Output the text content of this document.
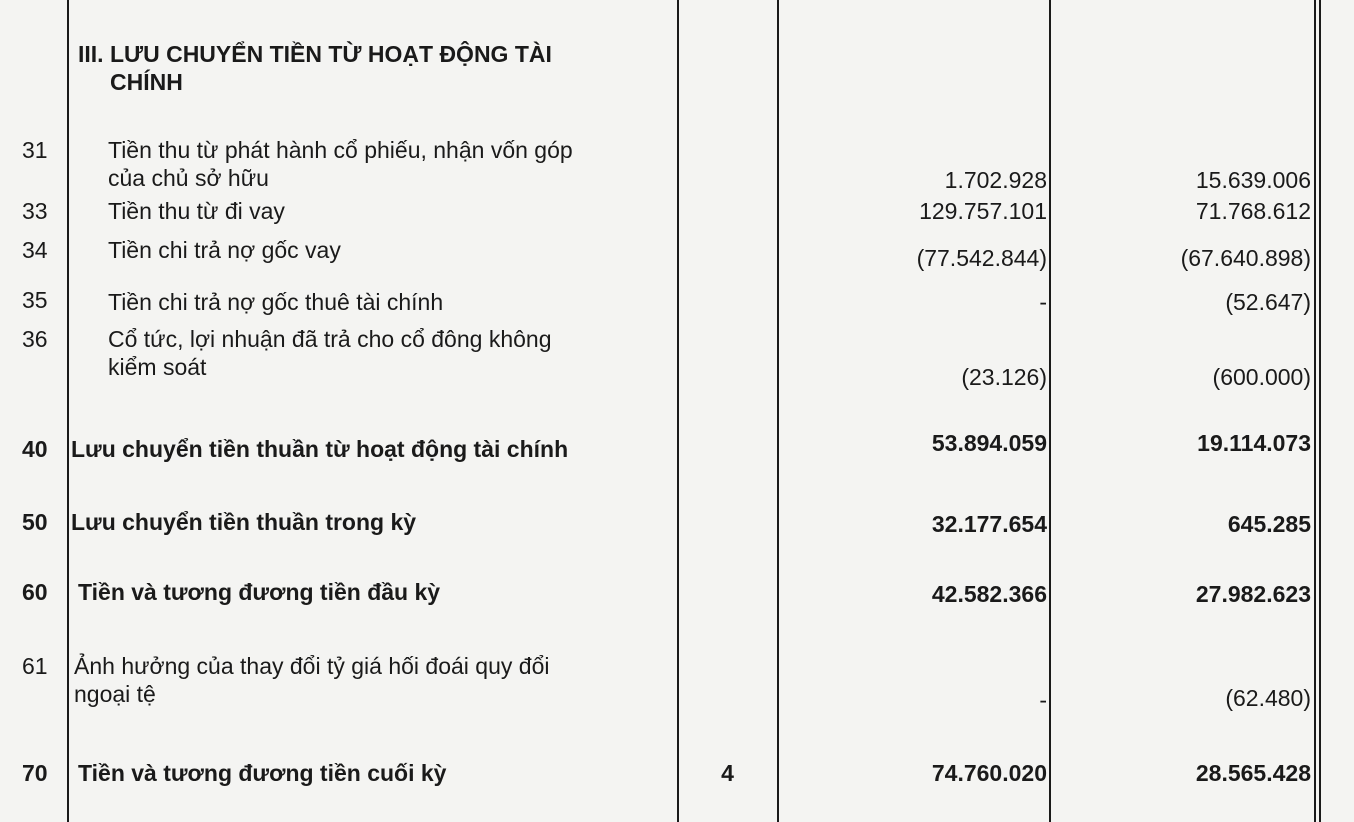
III. LƯU CHUYỂN TIỀN TỪ HOẠT ĐỘNG TÀI
CHÍNH
31	Tiền thu từ phát hành cổ phiếu, nhận vốn góp
của chủ sở hữu	1.702.928	15.639.006
33	Tiền thu từ đi vay	129.757.101	71.768.612
34	Tiền chi trả nợ gốc vay	(77.542.844)	(67.640.898)
35	Tiền chi trả nợ gốc thuê tài chính	-	(52.647)
36	Cổ tức, lợi nhuận đã trả cho cổ đông không
kiểm soát	(23.126)	(600.000)
40	Lưu chuyển tiền thuần từ hoạt động tài chính	53.894.059	19.114.073
50	Lưu chuyển tiền thuần trong kỳ	32.177.654	645.285
60	Tiền và tương đương tiền đầu kỳ	42.582.366	27.982.623
61	Ảnh hưởng của thay đổi tỷ giá hối đoái quy đổi
ngoại tệ	-	(62.480)
70	Tiền và tương đương tiền cuối kỳ	4	74.760.020	28.565.428
